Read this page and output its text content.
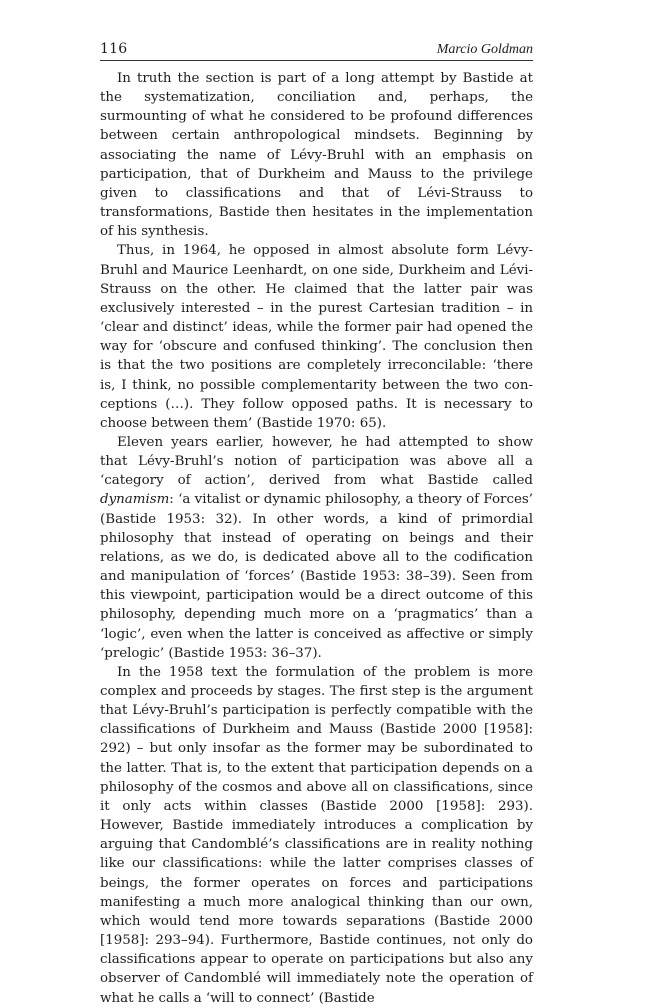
116	Marcio Goldman

In truth the section is part of a long attempt by Bastide at the systematization, conciliation and, perhaps, the surmounting of what he considered to be profound differences between certain anthropological mindsets. Beginning by associating the name of Lévy-Bruhl with an emphasis on participation, that of Durkheim and Mauss to the privilege given to classifications and that of Lévi-Strauss to transformations, Bastide then hesitates in the implementation of his synthesis.

Thus, in 1964, he opposed in almost absolute form Lévy-Bruhl and Maurice Leenhardt, on one side, Durkheim and Lévi-Strauss on the other. He claimed that the latter pair was exclusively interested – in the purest Cartesian tradition – in ‘clear and distinct’ ideas, while the former pair had opened the way for ‘obscure and confused thinking’. The conclusion then is that the two positions are completely irreconcilable: ‘there is, I think, no possible complementarity between the two conceptions (…). They follow opposed paths. It is necessary to choose between them’ (Bastide 1970: 65).

Eleven years earlier, however, he had attempted to show that Lévy-Bruhl’s notion of participation was above all a ‘category of action’, derived from what Bastide called dynamism: ‘a vitalist or dynamic philosophy, a theory of Forces’ (Bastide 1953: 32). In other words, a kind of primordial philosophy that instead of operating on beings and their relations, as we do, is dedicated above all to the codification and manipulation of ‘forces’ (Bastide 1953: 38–39). Seen from this viewpoint, participation would be a direct outcome of this philosophy, depending much more on a ‘pragmatics’ than a ‘logic’, even when the latter is conceived as affective or simply ‘prelogic’ (Bastide 1953: 36–37).

In the 1958 text the formulation of the problem is more complex and proceeds by stages. The first step is the argument that Lévy-Bruhl’s participation is perfectly compatible with the classifications of Durkheim and Mauss (Bastide 2000 [1958]: 292) – but only insofar as the former may be subordinated to the latter. That is, to the extent that participation depends on a philosophy of the cosmos and above all on classifications, since it only acts within classes (Bastide 2000 [1958]: 293). However, Bastide immediately introduces a complication by arguing that Candomblé’s classifications are in reality nothing like our classifications: while the latter comprises classes of beings, the former operates on forces and participations manifesting a much more analogical thinking than our own, which would tend more towards separations (Bastide 2000 [1958]: 293–94). Furthermore, Bastide continues, not only do classifications appear to operate on participations but also any observer of Candomblé will immediately note the operation of what he calls a ‘will to connect’ (Bastide
